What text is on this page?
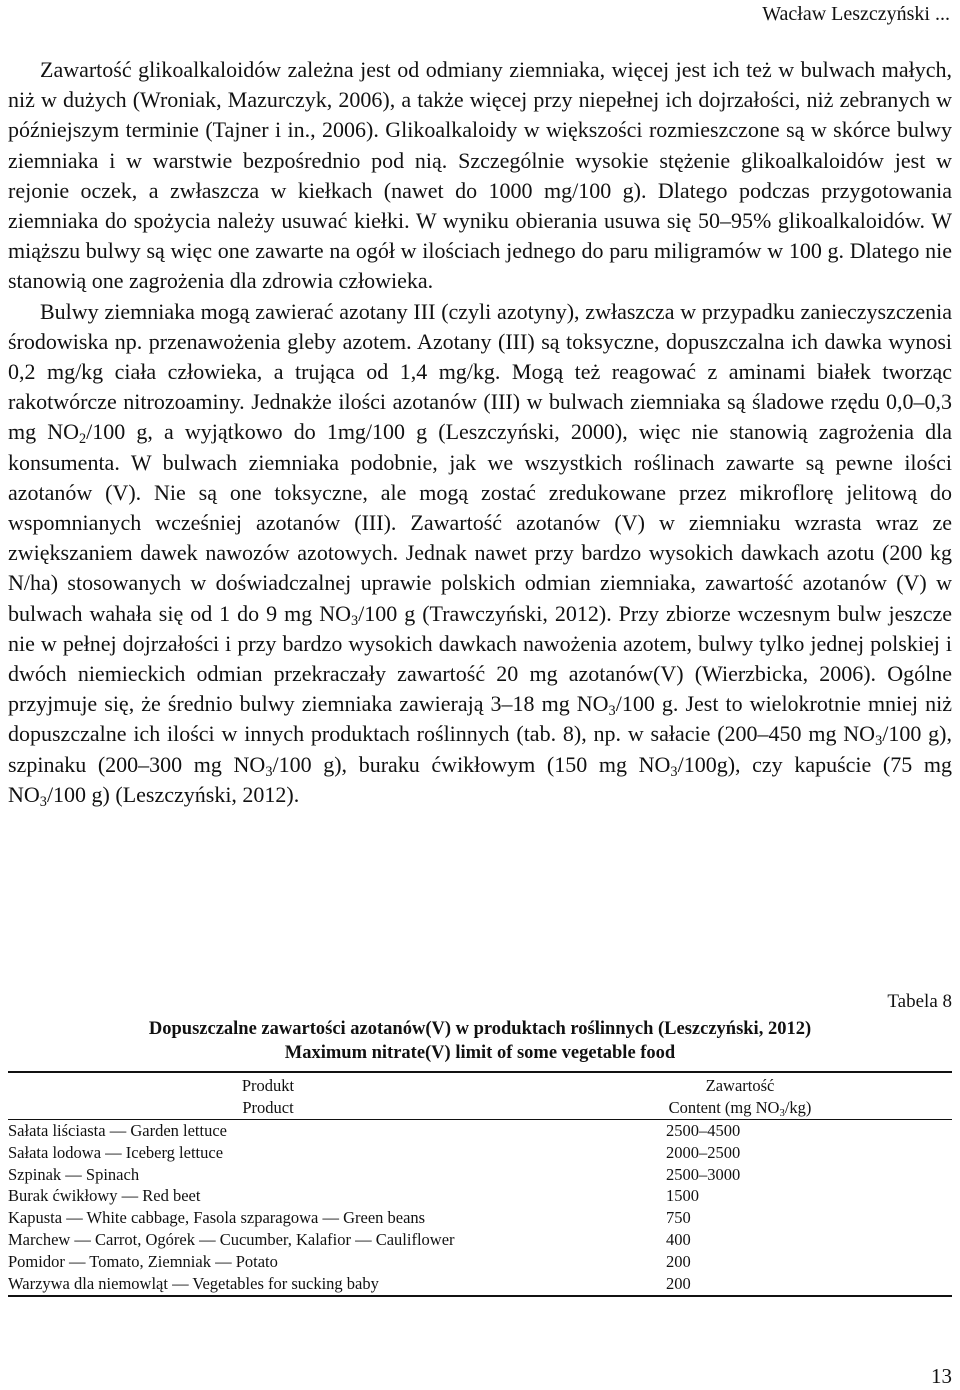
Wacław Leszczyński ...

Zawartość glikoalkaloidów zależna jest od odmiany ziemniaka, więcej jest ich też w bulwach małych, niż w dużych (Wroniak, Mazurczyk, 2006), a także więcej przy niepełnej ich dojrzałości, niż zebranych w późniejszym terminie (Tajner i in., 2006). Glikoalkaloidy w większości rozmieszczone są w skórce bulwy ziemniaka i w warstwie bezpośrednio pod nią. Szczególnie wysokie stężenie glikoalkaloidów jest w rejonie oczek, a zwłaszcza w kiełkach (nawet do 1000 mg/100 g). Dlatego podczas przygotowania ziemniaka do spożycia należy usuwać kiełki. W wyniku obierania usuwa się 50–95% glikoalkaloidów. W miąższu bulwy są więc one zawarte na ogół w ilościach jednego do paru miligramów w 100 g. Dlatego nie stanowią one zagrożenia dla zdrowia człowieka.

Bulwy ziemniaka mogą zawierać azotany III (czyli azotyny), zwłaszcza w przypadku zanieczyszczenia środowiska np. przenawożenia gleby azotem. Azotany (III) są toksyczne, dopuszczalna ich dawka wynosi 0,2 mg/kg ciała człowieka, a trująca od 1,4 mg/kg. Mogą też reagować z aminami białek tworząc rakotwórcze nitrozoaminy. Jednakże ilości azotanów (III) w bulwach ziemniaka są śladowe rzędu 0,0–0,3 mg $NO_2/100$ g, a wyjątkowo do 1mg/100 g (Leszczyński, 2000), więc nie stanowią zagrożenia dla konsumenta. W bulwach ziemniaka podobnie, jak we wszystkich roślinach zawarte są pewne ilości azotanów (V). Nie są one toksyczne, ale mogą zostać zredukowane przez mikroflorę jelitową do wspomnianych wcześniej azotanów (III). Zawartość azotanów (V) w ziemniaku wzrasta wraz ze zwiększaniem dawek nawozów azotowych. Jednak nawet przy bardzo wysokich dawkach azotu (200 kg N/ha) stosowanych w doświadczalnej uprawie polskich odmian ziemniaka, zawartość azotanów (V) w bulwach wahała się od 1 do 9 mg $NO_3/100$ g (Trawczyński, 2012). Przy zbiorze wczesnym bulw jeszcze nie w pełnej dojrzałości i przy bardzo wysokich dawkach nawożenia azotem, bulwy tylko jednej polskiej i dwóch niemieckich odmian przekraczały zawartość 20 mg azotanów(V) (Wierzbicka, 2006). Ogólne przyjmuje się, że średnio bulwy ziemniaka zawierają 3–18 mg $NO_3/100$ g. Jest to wielokrotnie mniej niż dopuszczalne ich ilości w innych produktach roślinnych (tab. 8), np. w sałacie (200–450 mg $NO_3/100$ g), szpinaku (200–300 mg $NO_3/100$ g), buraku ćwikłowym (150 mg $NO_3/100g$), czy kapuście (75 mg $NO_3/100$ g) (Leszczyński, 2012).

Tabela 8
Dopuszczalne zawartości azotanów(V) w produktach roślinnych (Leszczyński, 2012)
Maximum nitrate(V) limit of some vegetable food
Produkt	Zawartość
Product	Content (mg $NO_3/kg$)
Sałata liściasta — Garden lettuce	2500–4500
Sałata lodowa — Iceberg lettuce	2000–2500
Szpinak — Spinach	2500–3000
Burak ćwikłowy — Red beet	1500
Kapusta — White cabbage, Fasola szparagowa — Green beans	750
Marchew — Carrot, Ogórek — Cucumber, Kalafior — Cauliflower	400
Pomidor — Tomato, Ziemniak — Potato	200
Warzywa dla niemowląt — Vegetables for sucking baby	200
13
